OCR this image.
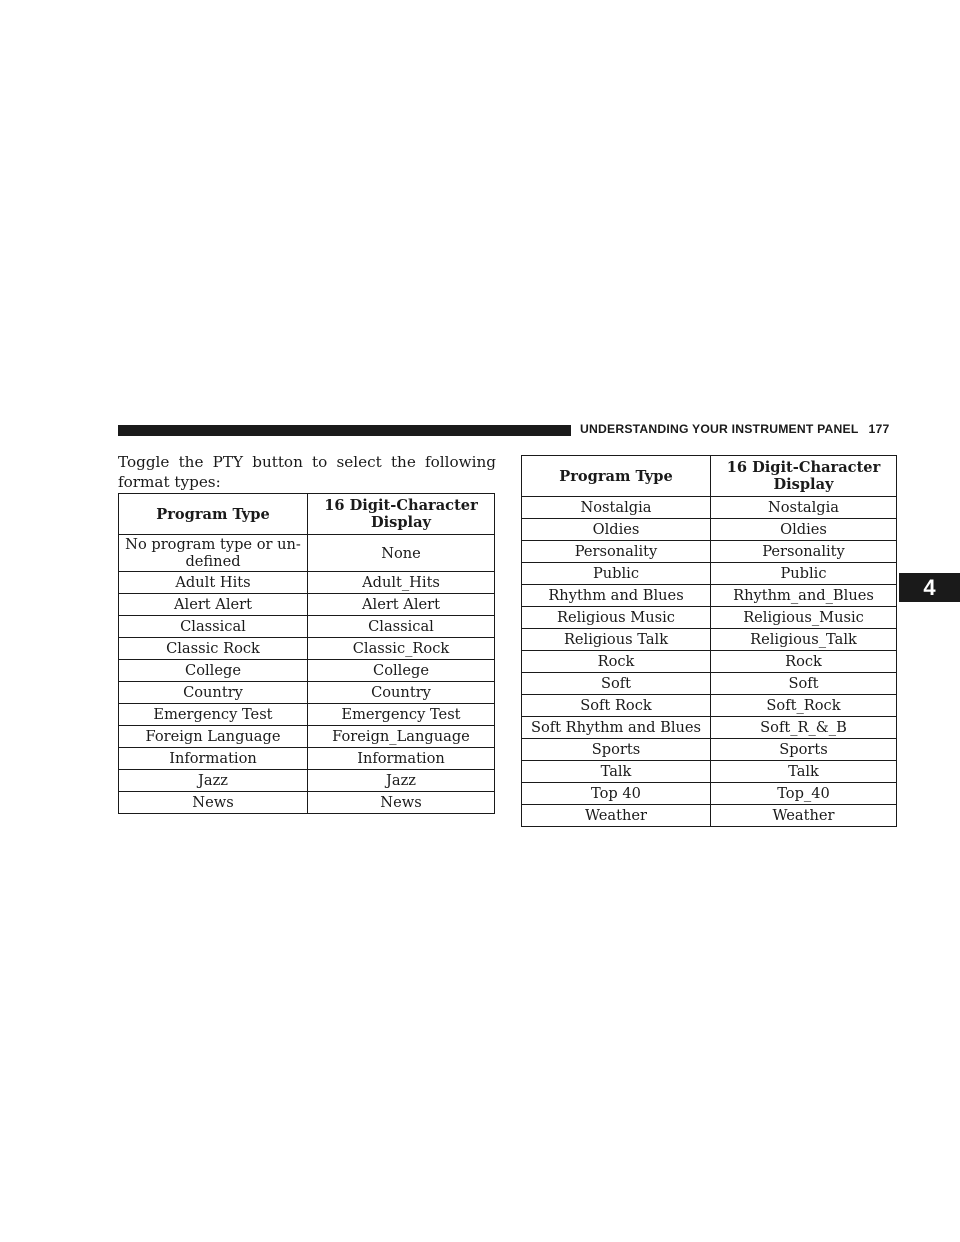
UNDERSTANDING YOUR INSTRUMENT PANEL 177
4

Toggle the PTY button to select the following format types:

Program Type	16 Digit-Character Display
No program type or un- defined	None
Adult Hits	Adult_Hits
Alert Alert	Alert Alert
Classical	Classical
Classic Rock	Classic_Rock
College	College
Country	Country
Emergency Test	Emergency Test
Foreign Language	Foreign_Language
Information	Information
Jazz	Jazz
News	News
Program Type	16 Digit-Character Display
Nostalgia	Nostalgia
Oldies	Oldies
Personality	Personality
Public	Public
Rhythm and Blues	Rhythm_and_Blues
Religious Music	Religious_Music
Religious Talk	Religious_Talk
Rock	Rock
Soft	Soft
Soft Rock	Soft_Rock
Soft Rhythm and Blues	Soft_R_&_B
Sports	Sports
Talk	Talk
Top 40	Top_40
Weather	Weather
